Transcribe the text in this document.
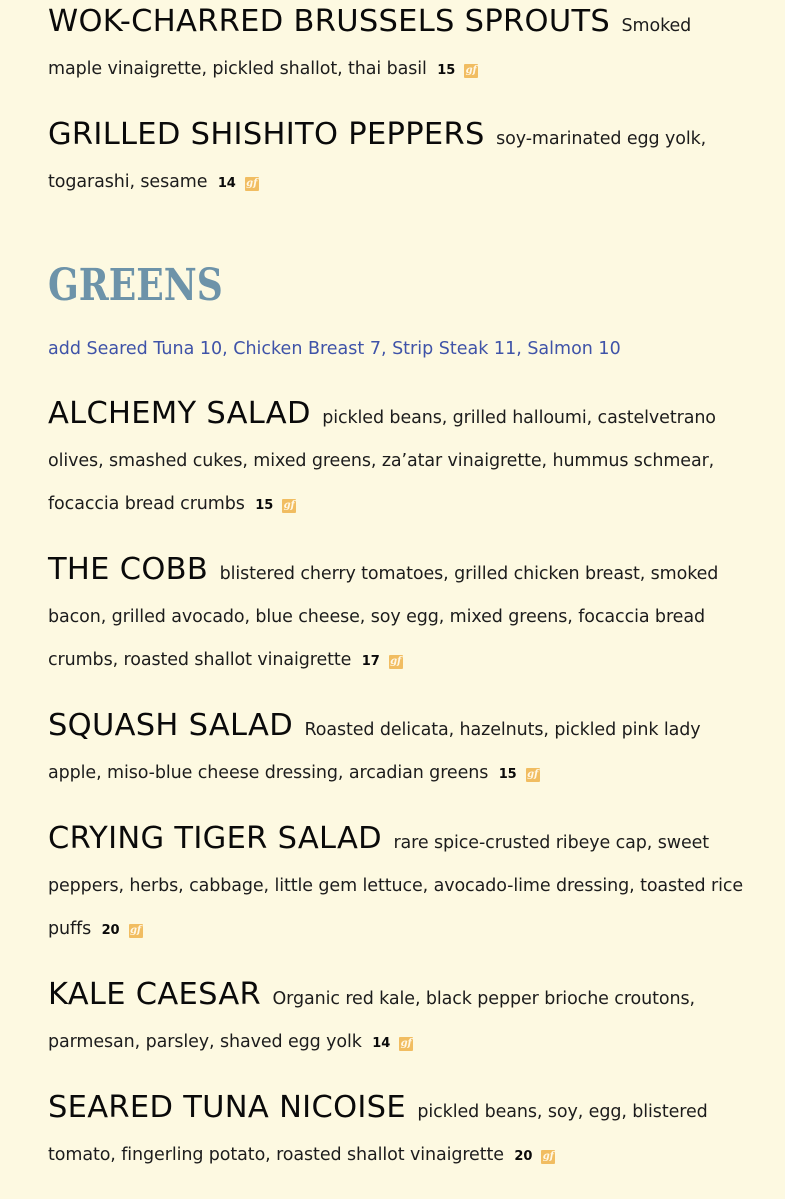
WOK-CHARRED BRUSSELS SPROUTS Smoked maple vinaigrette, pickled shallot, thai basil 15 gf

GRILLED SHISHITO PEPPERS soy-marinated egg yolk, togarashi, sesame 14 gf

GREENS

add Seared Tuna 10, Chicken Breast 7, Strip Steak 11, Salmon 10

ALCHEMY SALAD pickled beans, grilled halloumi, castelvetrano olives, smashed cukes, mixed greens, za’atar vinaigrette, hummus schmear, focaccia bread crumbs 15 gf

THE COBB blistered cherry tomatoes, grilled chicken breast, smoked bacon, grilled avocado, blue cheese, soy egg, mixed greens, focaccia bread crumbs, roasted shallot vinaigrette 17 gf

SQUASH SALAD Roasted delicata, hazelnuts, pickled pink lady apple, miso-blue cheese dressing, arcadian greens 15 gf

CRYING TIGER SALAD rare spice-crusted ribeye cap, sweet peppers, herbs, cabbage, little gem lettuce, avocado-lime dressing, toasted rice puffs 20 gf

KALE CAESAR Organic red kale, black pepper brioche croutons, parmesan, parsley, shaved egg yolk 14 gf

SEARED TUNA NICOISE pickled beans, soy, egg, blistered tomato, fingerling potato, roasted shallot vinaigrette 20 gf
